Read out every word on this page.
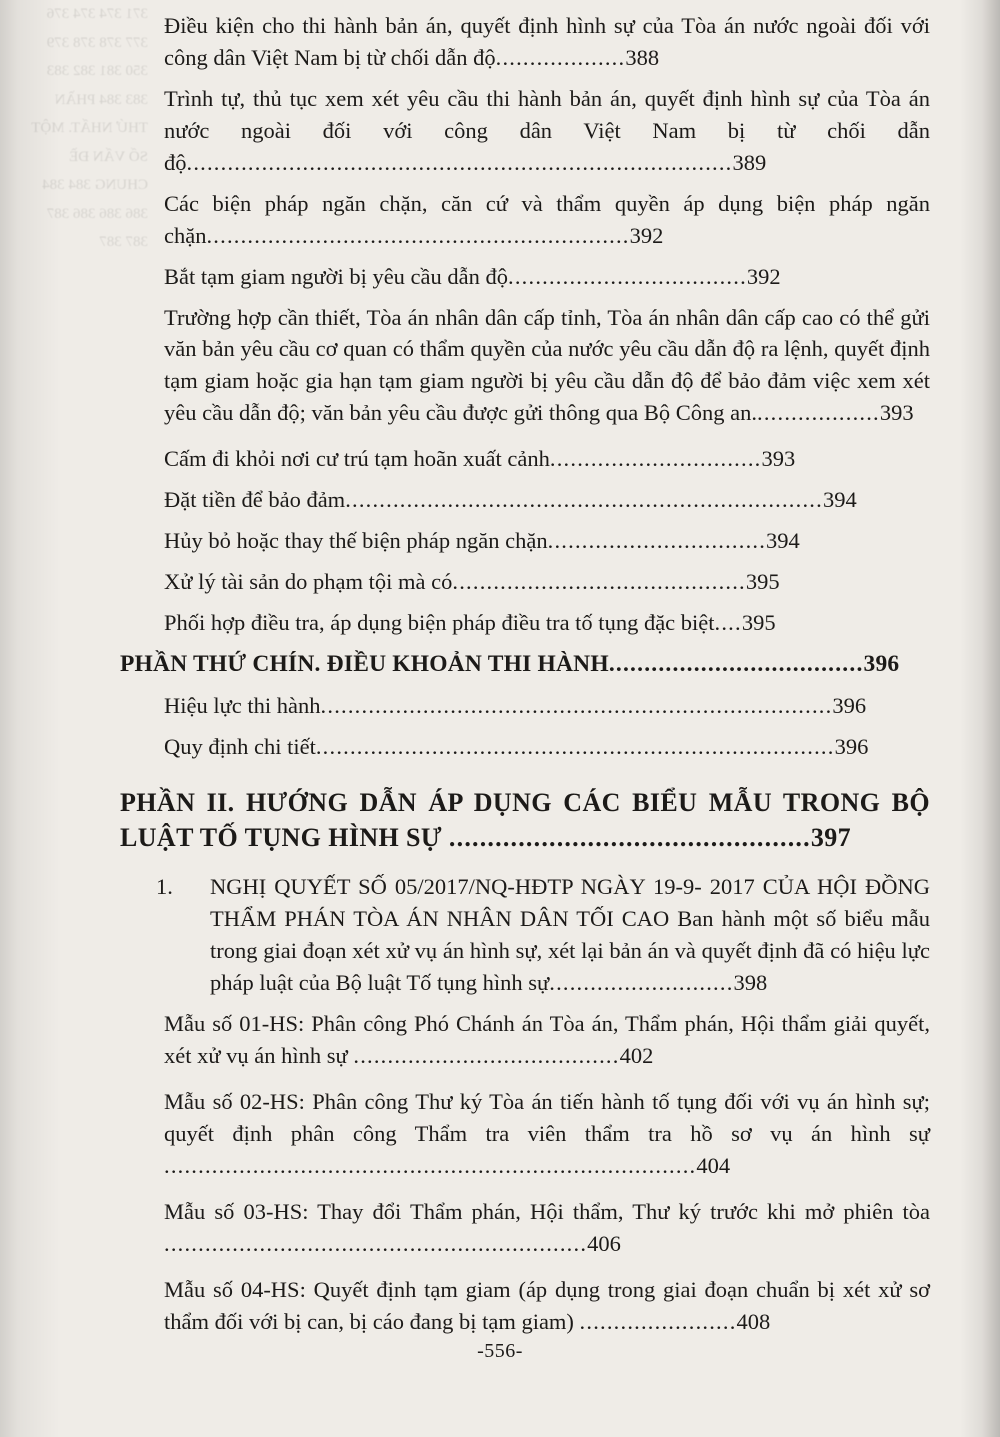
371 374 374 376 377 378 378 379 350 381 382 383 383 384 PHẦN THỨ NHẤT. MỘT SỐ VẤN ĐỀ CHUNG 384 384 386 386 386 387 387 387
Điều kiện cho thi hành bản án, quyết định hình sự của Tòa án nước ngoài đối với công dân Việt Nam bị từ chối dẫn độ...................388
Trình tự, thủ tục xem xét yêu cầu thi hành bản án, quyết định hình sự của Tòa án nước ngoài đối với công dân Việt Nam bị từ chối dẫn độ................................................................................389
Các biện pháp ngăn chặn, căn cứ và thẩm quyền áp dụng biện pháp ngăn chặn..............................................................392
Bắt tạm giam người bị yêu cầu dẫn độ...................................392
Trường hợp cần thiết, Tòa án nhân dân cấp tỉnh, Tòa án nhân dân cấp cao có thể gửi văn bản yêu cầu cơ quan có thẩm quyền của nước yêu cầu dẫn độ ra lệnh, quyết định tạm giam hoặc gia hạn tạm giam người bị yêu cầu dẫn độ để bảo đảm việc xem xét yêu cầu dẫn độ; văn bản yêu cầu được gửi thông qua Bộ Công an...................393
Cấm đi khỏi nơi cư trú tạm hoãn xuất cảnh...............................393
Đặt tiền để bảo đảm......................................................................394
Hủy bỏ hoặc thay thế biện pháp ngăn chặn................................394
Xử lý tài sản do phạm tội mà có...........................................395
Phối hợp điều tra, áp dụng biện pháp điều tra tố tụng đặc biệt....395
PHẦN THỨ CHÍN. ĐIỀU KHOẢN THI HÀNH....................................396
Hiệu lực thi hành...........................................................................396
Quy định chi tiết............................................................................396
PHẦN II. HƯỚNG DẪN ÁP DỤNG CÁC BIỂU MẪU TRONG BỘ LUẬT TỐ TỤNG HÌNH SỰ ...............................................397
1. NGHỊ QUYẾT SỐ 05/2017/NQ-HĐTP NGÀY 19-9- 2017 CỦA HỘI ĐỒNG THẨM PHÁN TÒA ÁN NHÂN DÂN TỐI CAO Ban hành một số biểu mẫu trong giai đoạn xét xử vụ án hình sự, xét lại bản án và quyết định đã có hiệu lực pháp luật của Bộ luật Tố tụng hình sự...........................398
Mẫu số 01-HS: Phân công Phó Chánh án Tòa án, Thẩm phán, Hội thẩm giải quyết, xét xử vụ án hình sự .......................................402
Mẫu số 02-HS: Phân công Thư ký Tòa án tiến hành tố tụng đối với vụ án hình sự; quyết định phân công Thẩm tra viên thẩm tra hồ sơ vụ án hình sự ..............................................................................404
Mẫu số 03-HS: Thay đổi Thẩm phán, Hội thẩm, Thư ký trước khi mở phiên tòa ..............................................................406
Mẫu số 04-HS: Quyết định tạm giam (áp dụng trong giai đoạn chuẩn bị xét xử sơ thẩm đối với bị can, bị cáo đang bị tạm giam) .......................408
-556-
